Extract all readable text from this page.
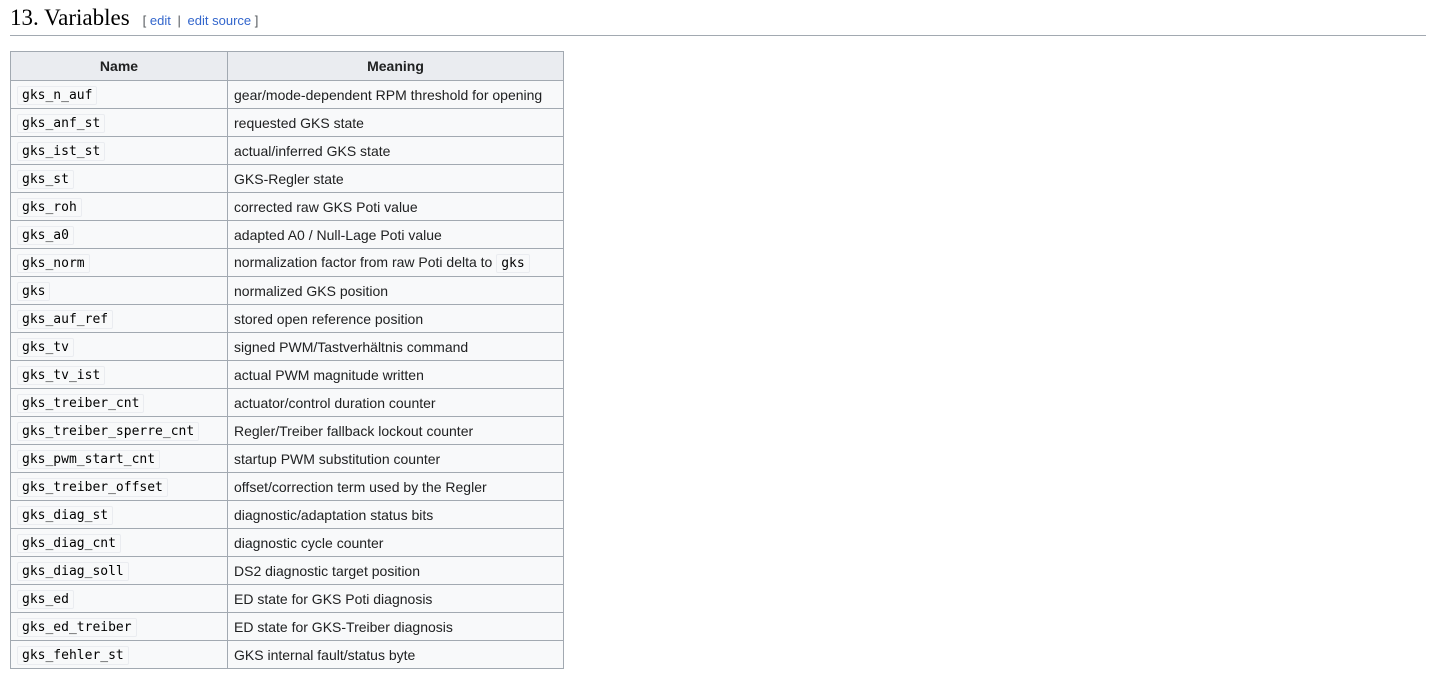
13. Variables [ edit | edit source ]
Name	Meaning
gks_n_auf	gear/mode-dependent RPM threshold for opening
gks_anf_st	requested GKS state
gks_ist_st	actual/inferred GKS state
gks_st	GKS-Regler state
gks_roh	corrected raw GKS Poti value
gks_a0	adapted A0 / Null-Lage Poti value
gks_norm	normalization factor from raw Poti delta to gks
gks	normalized GKS position
gks_auf_ref	stored open reference position
gks_tv	signed PWM/Tastverhältnis command
gks_tv_ist	actual PWM magnitude written
gks_treiber_cnt	actuator/control duration counter
gks_treiber_sperre_cnt	Regler/Treiber fallback lockout counter
gks_pwm_start_cnt	startup PWM substitution counter
gks_treiber_offset	offset/correction term used by the Regler
gks_diag_st	diagnostic/adaptation status bits
gks_diag_cnt	diagnostic cycle counter
gks_diag_soll	DS2 diagnostic target position
gks_ed	ED state for GKS Poti diagnosis
gks_ed_treiber	ED state for GKS-Treiber diagnosis
gks_fehler_st	GKS internal fault/status byte
